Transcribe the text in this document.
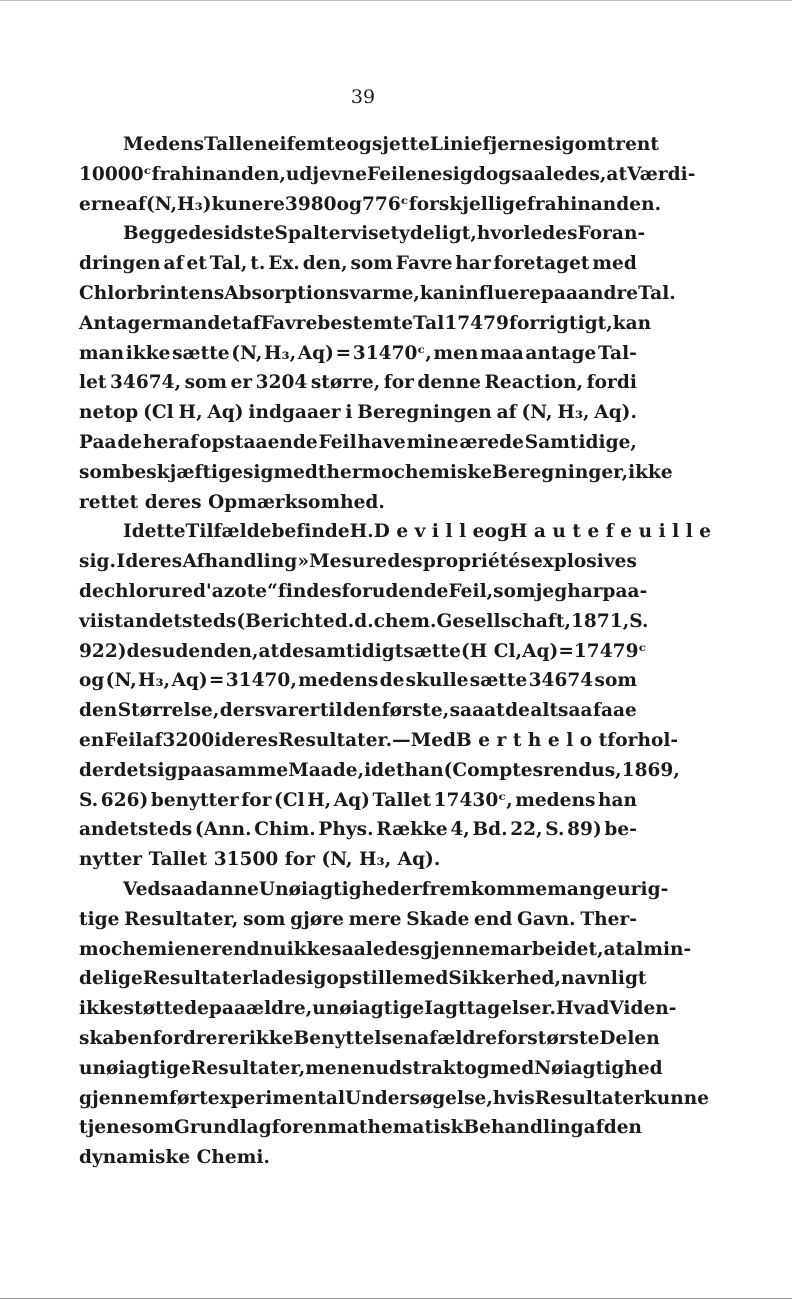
39
Medens Tallene i femte og sjette Linie fjerne sig omtrent
10000ᶜ fra hinanden, udjevne Feilene sig dog saaledes, at Værdi-
erne af (N, H₃) kun ere 3980 og 776ᶜ forskjellige fra hinanden.
Begge de sidste Spalter vise tydeligt, hvorledes Foran-
dringen af et Tal, t. Ex. den, som Favre har foretaget med
Chlorbrintens Absorptionsvarme, kan influere paa andre Tal.
Antager man det af Favre bestemte Tal 17479 for rigtigt, kan
man ikke sætte (N, H₃, Aq) = 31470ᶜ, men maa antage Tal-
let 34674, som er 3204 større, for denne Reaction, fordi
netop (Cl H, Aq) indgaaer i Beregningen af (N, H₃, Aq).
Paa de heraf opstaaende Feil have mine ærede Samtidige,
som beskjæftige sig med thermochemiske Beregninger, ikke
rettet deres Opmærksomhed.
I dette Tilfælde befinde H. D e v i l l e og H a u t e f e u i l l e
sig. I deres Afhandling »Mesure des propriétés explosives
de chlorure d'azote“ findes foruden de Feil, som jeg har paa-
viist andetsteds (Berichte d. d. chem. Gesellschaft, 1871, S.
922) desuden den, at de samtidigt sætte (H Cl, Aq) = 17479ᶜ
og (N, H₃, Aq) = 31470, medens de skulle sætte 34674 som
den Størrelse, der svarer til den første, saaat de altsaa faae
en Feil af 3200 i deres Resultater. — Med B e r t h e l o t forhol-
der det sig paa samme Maade, idet han (Comptes rendus, 1869,
S. 626) benytter for (Cl H, Aq) Tallet 17430ᶜ, medens han
andetsteds (Ann. Chim. Phys. Række 4, Bd. 22, S. 89) be-
nytter Tallet 31500 for (N, H₃, Aq).
Ved saadanne Unøiagtigheder fremkomme mange urig-
tige Resultater, som gjøre mere Skade end Gavn. Ther-
mochemien er endnu ikke saaledes gjennemarbeidet, at almin-
delige Resultater lade sig opstille med Sikkerhed, navnligt
ikke støttede paa ældre, unøiagtige Iagttagelser. Hvad Viden-
skaben fordrer er ikke Benyttelsen af ældre for største Delen
unøiagtige Resultater, men en udstrakt og med Nøiagtighed
gjennemført experimental Undersøgelse, hvis Resultater kunne
tjene som Grundlag for en mathematisk Behandling af den
dynamiske Chemi.
